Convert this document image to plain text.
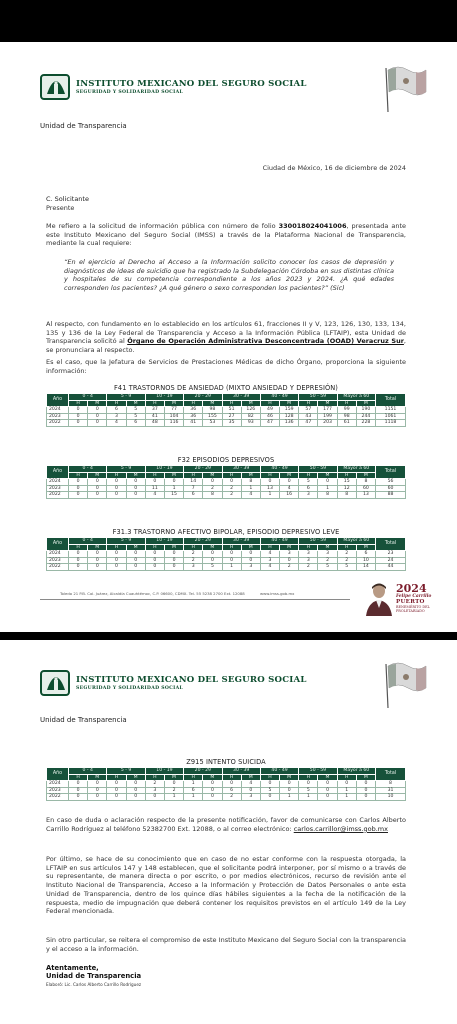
INSTITUTO MEXICANO DEL SEGURO SOCIAL
SEGURIDAD Y SOLIDARIDAD SOCIAL
Unidad de Transparencia
Ciudad de México, 16 de diciembre de 2024
C. Solicitante
Presente
Me refiero a la solicitud de información pública con número de folio 330018024041006, presentada ante este Instituto Mexicano del Seguro Social (IMSS) a través de la Plataforma Nacional de Transparencia, mediante la cual requiere:
“En el ejercicio al Derecho al Acceso a la Información solicito conocer los casos de depresión y diagnósticos de ideas de suicidio que ha registrado la Subdelegación Córdoba en sus distintas clínica y hospitales de su competencia correspondiente a los años 2023 y 2024. ¿A qué edades corresponden los pacientes? ¿A qué género o sexo corresponden los pacientes?” (Sic)
Al respecto, con fundamento en lo establecido en los artículos 61, fracciones II y V, 123, 126, 130, 133, 134, 135 y 136 de la Ley Federal de Transparencia y Acceso a la Información Pública (LFTAIP), esta Unidad de Transparencia solicitó al Órgano de Operación Administrativa Desconcentrada (OOAD) Veracruz Sur, se pronunciara al respecto.
Es el caso, que la Jefatura de Servicios de Prestaciones Médicas de dicho Órgano, proporciona la siguiente información:
F41 TRASTORNOS DE ANSIEDAD (MIXTO ANSIEDAD Y DEPRESIÓN)
Año	0 - 4		5 - 9		10 - 19		20 - 29		30 - 39		40 - 49		50 - 59		Mayor a 60		Total
	H	M	H	M	H	M	H	M	H	M	H	M	H	M	H	M	
2024	0	0	6	5	37	77	36	98	51	126	49	159	57	177	99	190	1151
2023	0	0	3	5	41	104	36	155	27	82	46	128	43	199	98	244	1061
2022	0	0	4	6	48	116	41	53	35	93	47	136	47	203	61	228	1118
F32 EPISODIOS DEPRESIVOS
Año	0 - 4		5 - 9		10 - 19		20 - 29		30 - 39		40 - 49		50 - 59		Mayor a 60		Total
	H	M	H	M	H	M	H	M	H	M	H	M	H	M	H	M	
2024	0	0	0	0	0	0	14	0	0	8	0	0	5	0	15	8	56
2023	0	0	0	0	11	1	7	2	2	1	13	4	6	1	12	60	60
2022	0	0	0	0	4	15	6	8	2	4	1	16	3	8	8	13	88
F31.3 TRASTORNO AFECTIVO BIPOLAR, EPISODIO DEPRESIVO LEVE
Año	0 - 4		5 - 9		10 - 19		20 - 29		30 - 39		40 - 49		50 - 59		Mayor a 60		Total
	H	M	H	M	H	M	H	M	H	M	H	M	H	M	H	M	
2024	0	0	0	0	0	0	2	0	0	0	4	3	3	3	2	6	23
2023	0	0	0	0	0	0	2	0	0	0	3	0	3	2	2	10	24
2022	0	0	0	0	0	0	3	5	1	3	4	2	2	5	5	14	44
Toledo 21 P.B. Col. Juárez, Alcaldía Cuauhtémoc, C.P. 06600, CDMX. Tel. 55 5238 2700 Ext. 12088	www.imss.gob.mx	2024
Felipe Carrillo
PUERTO
BENEMÉRITO DEL PROLETARIADO
INSTITUTO MEXICANO DEL SEGURO SOCIAL
SEGURIDAD Y SOLIDARIDAD SOCIAL
Unidad de Transparencia
Z915 INTENTO SUICIDA
Año	0 - 4		5 - 9		10 - 19		20 - 29		30 - 39		40 - 49		50 - 59		Mayor a 60		Total
	H	M	H	M	H	M	H	M	H	M	H	M	H	M	H	M	
2024	0	0	0	0	2	0	1	0	0	4	0	0	0	0	0	0	8
2023	0	0	0	0	3	2	6	0	6	0	5	0	5	0	1	0	31
2022	0	0	0	0	0	1	1	0	2	3	0	1	1	0	1	0	10
En caso de duda o aclaración respecto de la presente notificación, favor de comunicarse con Carlos Alberto Carrillo Rodríguez al teléfono 52382700 Ext. 12088, o al correo electrónico: carlos.carrillor@imss.gob.mx
Por último, se hace de su conocimiento que en caso de no estar conforme con la respuesta otorgada, la LFTAIP en sus artículos 147 y 148 establecen, que el solicitante podrá interponer, por sí mismo o a través de su representante, de manera directa o por escrito, o por medios electrónicos, recurso de revisión ante el Instituto Nacional de Transparencia, Acceso a la Información y Protección de Datos Personales o ante esta Unidad de Transparencia, dentro de los quince días hábiles siguientes a la fecha de la notificación de la respuesta, medio de impugnación que deberá contener los requisitos previstos en el artículo 149 de la Ley Federal mencionada.
Sin otro particular, se reitera el compromiso de este Instituto Mexicano del Seguro Social con la transparencia y el acceso a la información.
Atentamente,
Unidad de Transparencia
Elaboró: Lic. Carlos Alberto Carrillo Rodríguez
